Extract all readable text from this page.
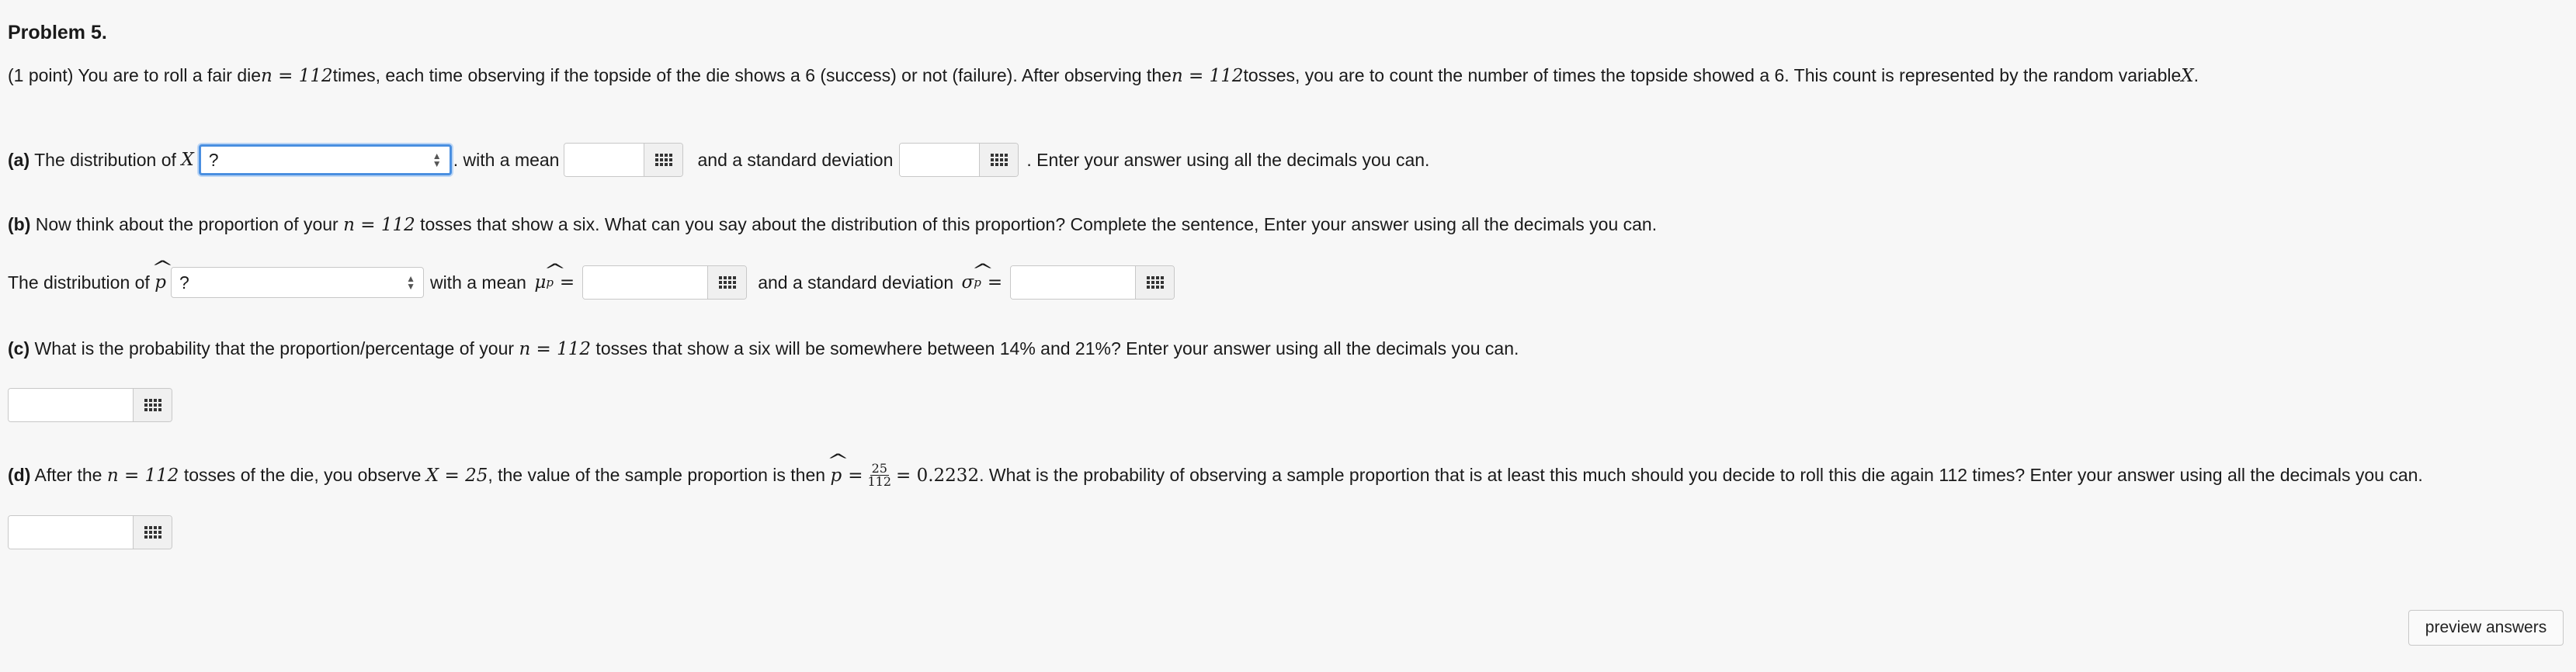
Problem 5.
(1 point) You are to roll a fair die n = 112 times, each time observing if the topside of the die shows a 6 (success) or not (failure). After observing the n = 112 tosses, you are to count the number of times the topside showed a 6. This count is represented by the random variable X .
(a) The distribution of X ?	▲
▼ . with a mean	and a standard deviation	. Enter your answer using all the decimals you can.
(b) Now think about the proportion of your n = 112 tosses that show a six. What can you say about the distribution of this proportion? Complete the sentence, Enter your answer using all the decimals you can.
The distribution of ^ p ?	▲
▼ with a mean μ ^ p =	and a standard deviation σ ^ p =
(c) What is the probability that the proportion/percentage of your n = 112 tosses that show a six will be somewhere between 14% and 21%? Enter your answer using all the decimals you can.
(d) After the n = 112 tosses of the die, you observe X = 25 , the value of the sample proportion is then ^ $p = \frac{25}{112} = 0.2232$ . What is the probability of observing a sample proportion that is at least this much should you decide to roll this die again 112 times? Enter your answer using all the decimals you can.
preview answers
